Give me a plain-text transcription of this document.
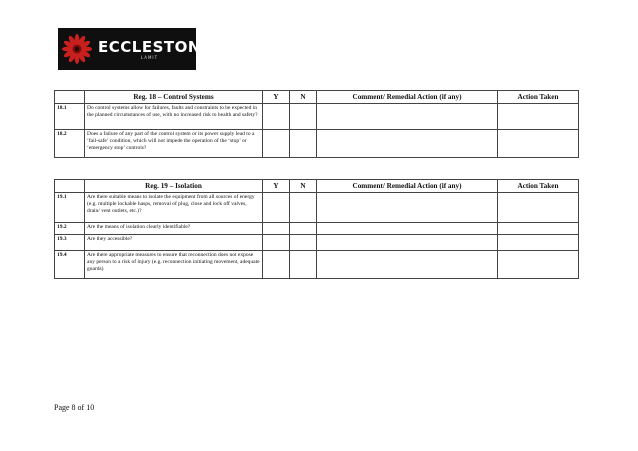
ECCLESTON
LAMIT
	Reg. 18 – Control Systems	Y	N	Comment/ Remedial Action (if any)	Action Taken
18.1	Do control systems allow for failures, faults and constraints to be expected in the planned circumstances of use, with no increased risk to health and safety?				
18.2	Does a failure of any part of the control system or its power supply lead to a ‘fail-safe’ condition, which will not impede the operation of the ‘stop’ or ‘emergency stop’ controls?				
	Reg. 19 – Isolation	Y	N	Comment/ Remedial Action (if any)	Action Taken
19.1	Are there suitable means to isolate the equipment from all sources of energy (e.g. multiple lockable hasps, removal of plug, close and lock off valves, drain/ vent outlets, etc.)?				
19.2	Are the means of isolation clearly identifiable?				
19.3	Are they accessible?				
19.4	Are there appropriate measures to ensure that reconnection does not expose any person to a risk of injury (e.g. reconnection initiating movement, adequate guards)				
Page 8 of 10
